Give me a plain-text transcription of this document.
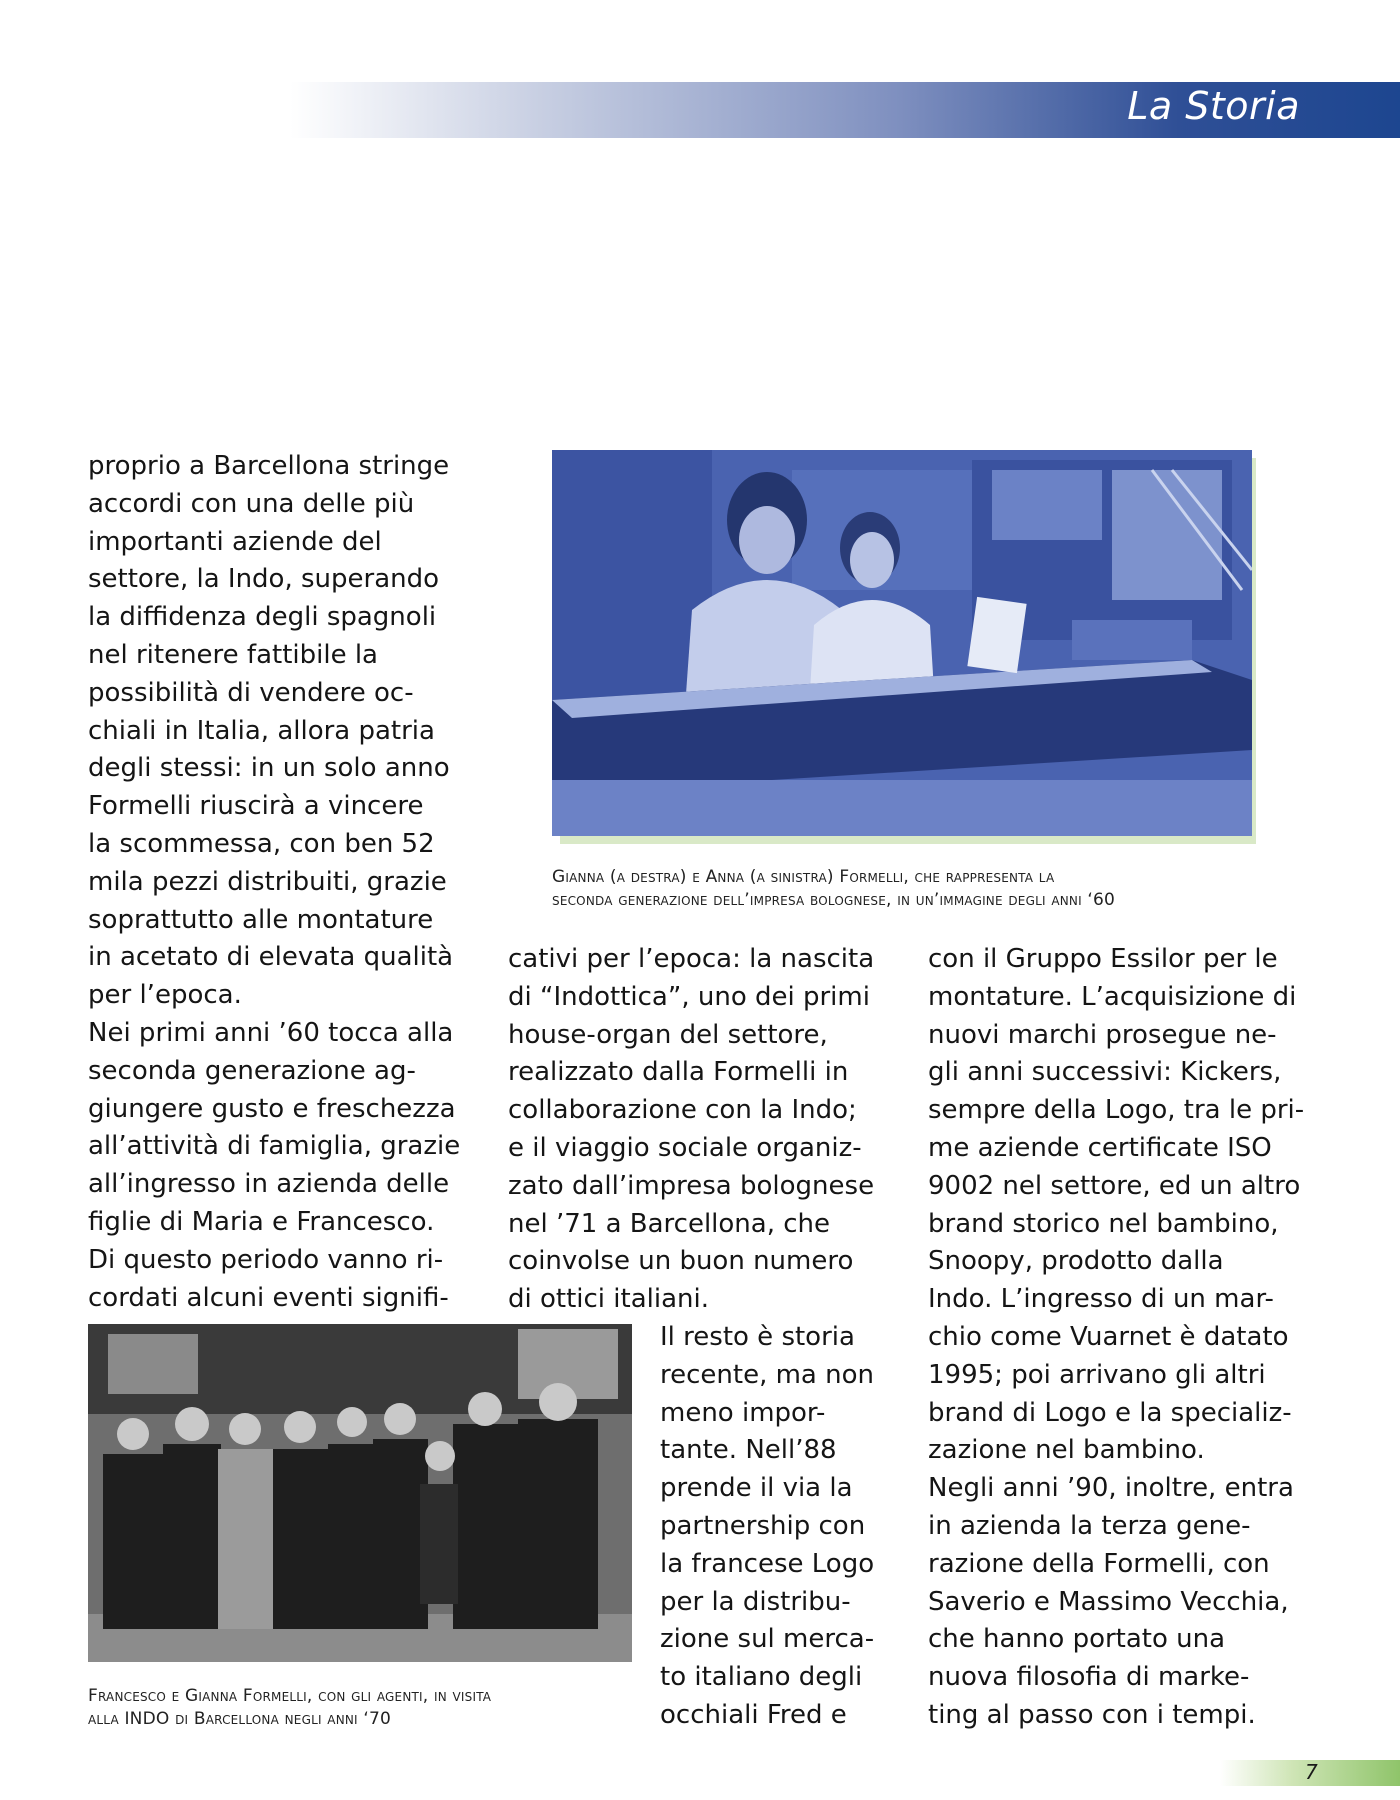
La Storia
Gianna (a destra) e Anna (a sinistra) Formelli, che rappresenta la
seconda generazione dell’impresa bolognese, in un’immagine degli anni ‘60
proprio a Barcellona stringe
accordi con una delle più
importanti aziende del
settore, la Indo, superando
la diffidenza degli spagnoli
nel ritenere fattibile la
possibilità di vendere oc-
chiali in Italia, allora patria
degli stessi: in un solo anno
Formelli riuscirà a vincere
la scommessa, con ben 52
mila pezzi distribuiti, grazie
soprattutto alle montature
in acetato di elevata qualità
per l’epoca.
Nei primi anni ’60 tocca alla
seconda generazione ag-
giungere gusto e freschezza
all’attività di famiglia, grazie
all’ingresso in azienda delle
figlie di Maria e Francesco.
Di questo periodo vanno ri-
cordati alcuni eventi signifi-
cativi per l’epoca: la nascita
di “Indottica”, uno dei primi
house-organ del settore,
realizzato dalla Formelli in
collaborazione con la Indo;
e il viaggio sociale organiz-
zato dall’impresa bolognese
nel ’71 a Barcellona, che
coinvolse un buon numero
di ottici italiani.
Il resto è storia
recente, ma non
meno impor-
tante. Nell’88
prende il via la
partnership con
la francese Logo
per la distribu-
zione sul merca-
to italiano degli
occhiali Fred e
con il Gruppo Essilor per le
montature. L’acquisizione di
nuovi marchi prosegue ne-
gli anni successivi: Kickers,
sempre della Logo, tra le pri-
me aziende certificate ISO
9002 nel settore, ed un altro
brand storico nel bambino,
Snoopy, prodotto dalla
Indo. L’ingresso di un mar-
chio come Vuarnet è datato
1995; poi arrivano gli altri
brand di Logo e la specializ-
zazione nel bambino.
Negli anni ’90, inoltre, entra
in azienda la terza gene-
razione della Formelli, con
Saverio e Massimo Vecchia,
che hanno portato una
nuova filosofia di marke-
ting al passo con i tempi.
Francesco e Gianna Formelli, con gli agenti, in visita
alla INDO di Barcellona negli anni ‘70
7
